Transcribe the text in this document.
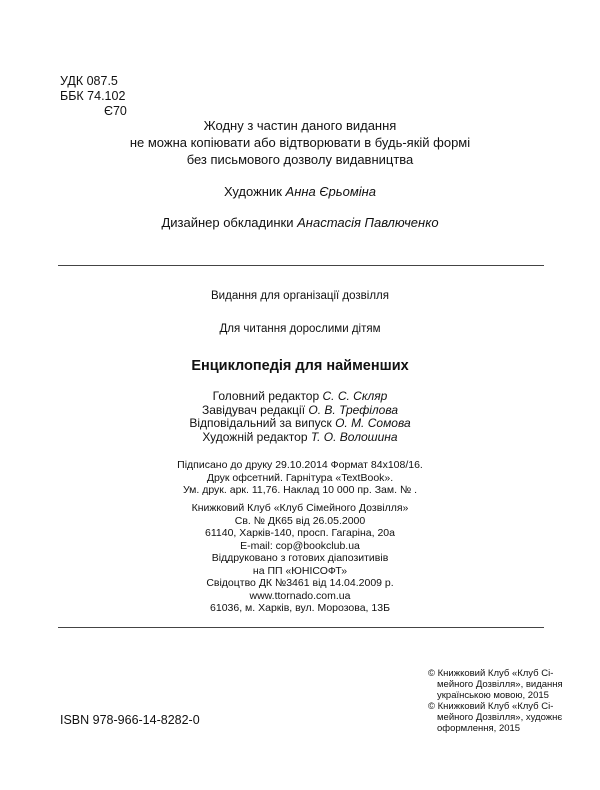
УДК 087.5
ББК 74.102
Є70
Жодну з частин даного видання
не можна копіювати або відтворювати в будь-якій формі
без письмового дозволу видавництва
Художник Анна Єрьоміна
Дизайнер обкладинки Анастасія Павлюченко
Видання для організації дозвілля
Для читання дорослими дітям
Енциклопедія для найменших
Головний редактор С. С. Скляр
Завідувач редакції О. В. Трефілова
Відповідальний за випуск О. М. Сомова
Художній редактор Т. О. Волошина
Підписано до друку 29.10.2014 Формат 84x108/16.
Друк офсетний. Гарнітура «TextBook».
Ум. друк. арк. 11,76. Наклад 10 000 пр. Зам. № .
Книжковий Клуб «Клуб Сімейного Дозвілля»
Св. № ДК65 від 26.05.2000
61140, Харків-140, просп. Гагаріна, 20а
E-mail: cop@bookclub.ua
Віддруковано з готових діапозитивів
на ПП «ЮНІСОФТ»
Свідоцтво ДК №3461 від 14.04.2009 р.
www.ttornado.com.ua
61036, м. Харків, вул. Морозова, 13Б
ISBN 978-966-14-8282-0
© Книжковий Клуб «Клуб Сі-
мейного Дозвілля», видання
українською мовою, 2015
© Книжковий Клуб «Клуб Сі-
мейного Дозвілля», художнє
оформлення, 2015
